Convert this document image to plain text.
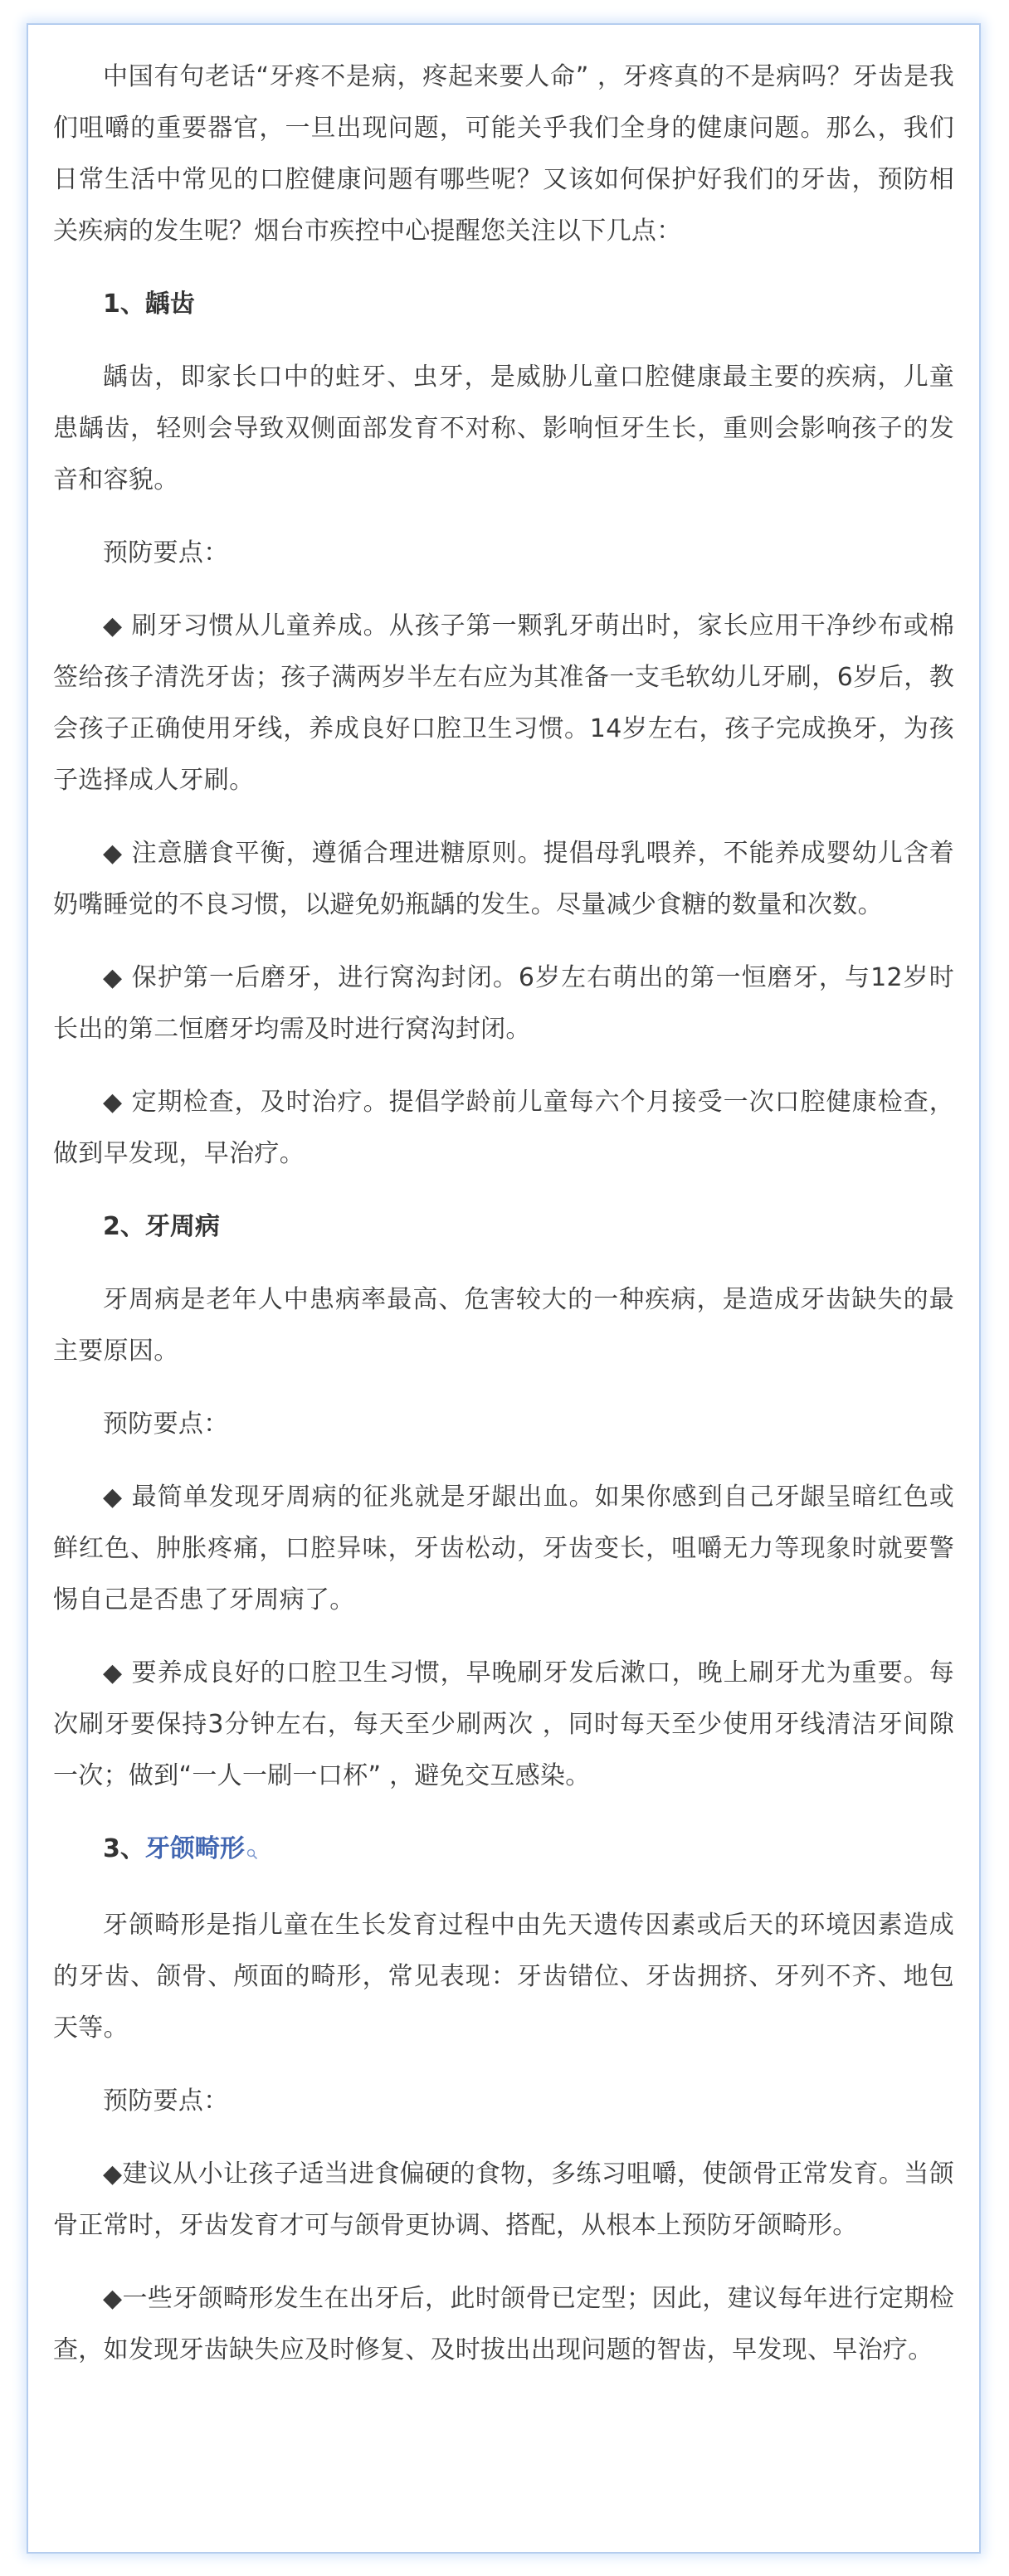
中国有句老话“牙疼不是病，疼起来要人命” ，牙疼真的不是病吗？牙齿是我们咀嚼的重要器官，一旦出现问题，可能关乎我们全身的健康问题。那么，我们日常生活中常见的口腔健康问题有哪些呢？又该如何保护好我们的牙齿，预防相关疾病的发生呢？烟台市疾控中心提醒您关注以下几点：

1、龋齿

龋齿，即家长口中的蛀牙、虫牙，是威胁儿童口腔健康最主要的疾病，儿童患龋齿，轻则会导致双侧面部发育不对称、影响恒牙生长，重则会影响孩子的发音和容貌。

预防要点：

◆ 刷牙习惯从儿童养成。从孩子第一颗乳牙萌出时，家长应用干净纱布或棉签给孩子清洗牙齿；孩子满两岁半左右应为其准备一支毛软幼儿牙刷，6岁后，教会孩子正确使用牙线，养成良好口腔卫生习惯。14岁左右，孩子完成换牙，为孩子选择成人牙刷。

◆ 注意膳食平衡，遵循合理进糖原则。提倡母乳喂养，不能养成婴幼儿含着奶嘴睡觉的不良习惯，以避免奶瓶龋的发生。尽量减少食糖的数量和次数。

◆ 保护第一后磨牙，进行窝沟封闭。6岁左右萌出的第一恒磨牙，与12岁时长出的第二恒磨牙均需及时进行窝沟封闭。

◆ 定期检查，及时治疗。提倡学龄前儿童每六个月接受一次口腔健康检查，做到早发现，早治疗。

2、牙周病

牙周病是老年人中患病率最高、危害较大的一种疾病，是造成牙齿缺失的最主要原因。

预防要点：

◆ 最简单发现牙周病的征兆就是牙龈出血。如果你感到自己牙龈呈暗红色或鲜红色、肿胀疼痛，口腔异味，牙齿松动，牙齿变长，咀嚼无力等现象时就要警惕自己是否患了牙周病了。

◆ 要养成良好的口腔卫生习惯，早晚刷牙发后漱口，晚上刷牙尤为重要。每次刷牙要保持3分钟左右，每天至少刷两次 ，同时每天至少使用牙线清洁牙间隙一次；做到“一人一刷一口杯” ，避免交互感染。

3、牙颌畸形

牙颌畸形是指儿童在生长发育过程中由先天遗传因素或后天的环境因素造成的牙齿、颌骨、颅面的畸形，常见表现：牙齿错位、牙齿拥挤、牙列不齐、地包天等。

预防要点：

◆建议从小让孩子适当进食偏硬的食物，多练习咀嚼，使颌骨正常发育。当颌骨正常时，牙齿发育才可与颌骨更协调、搭配，从根本上预防牙颌畸形。

◆一些牙颌畸形发生在出牙后，此时颌骨已定型；因此，建议每年进行定期检查，如发现牙齿缺失应及时修复、及时拔出出现问题的智齿，早发现、早治疗。
